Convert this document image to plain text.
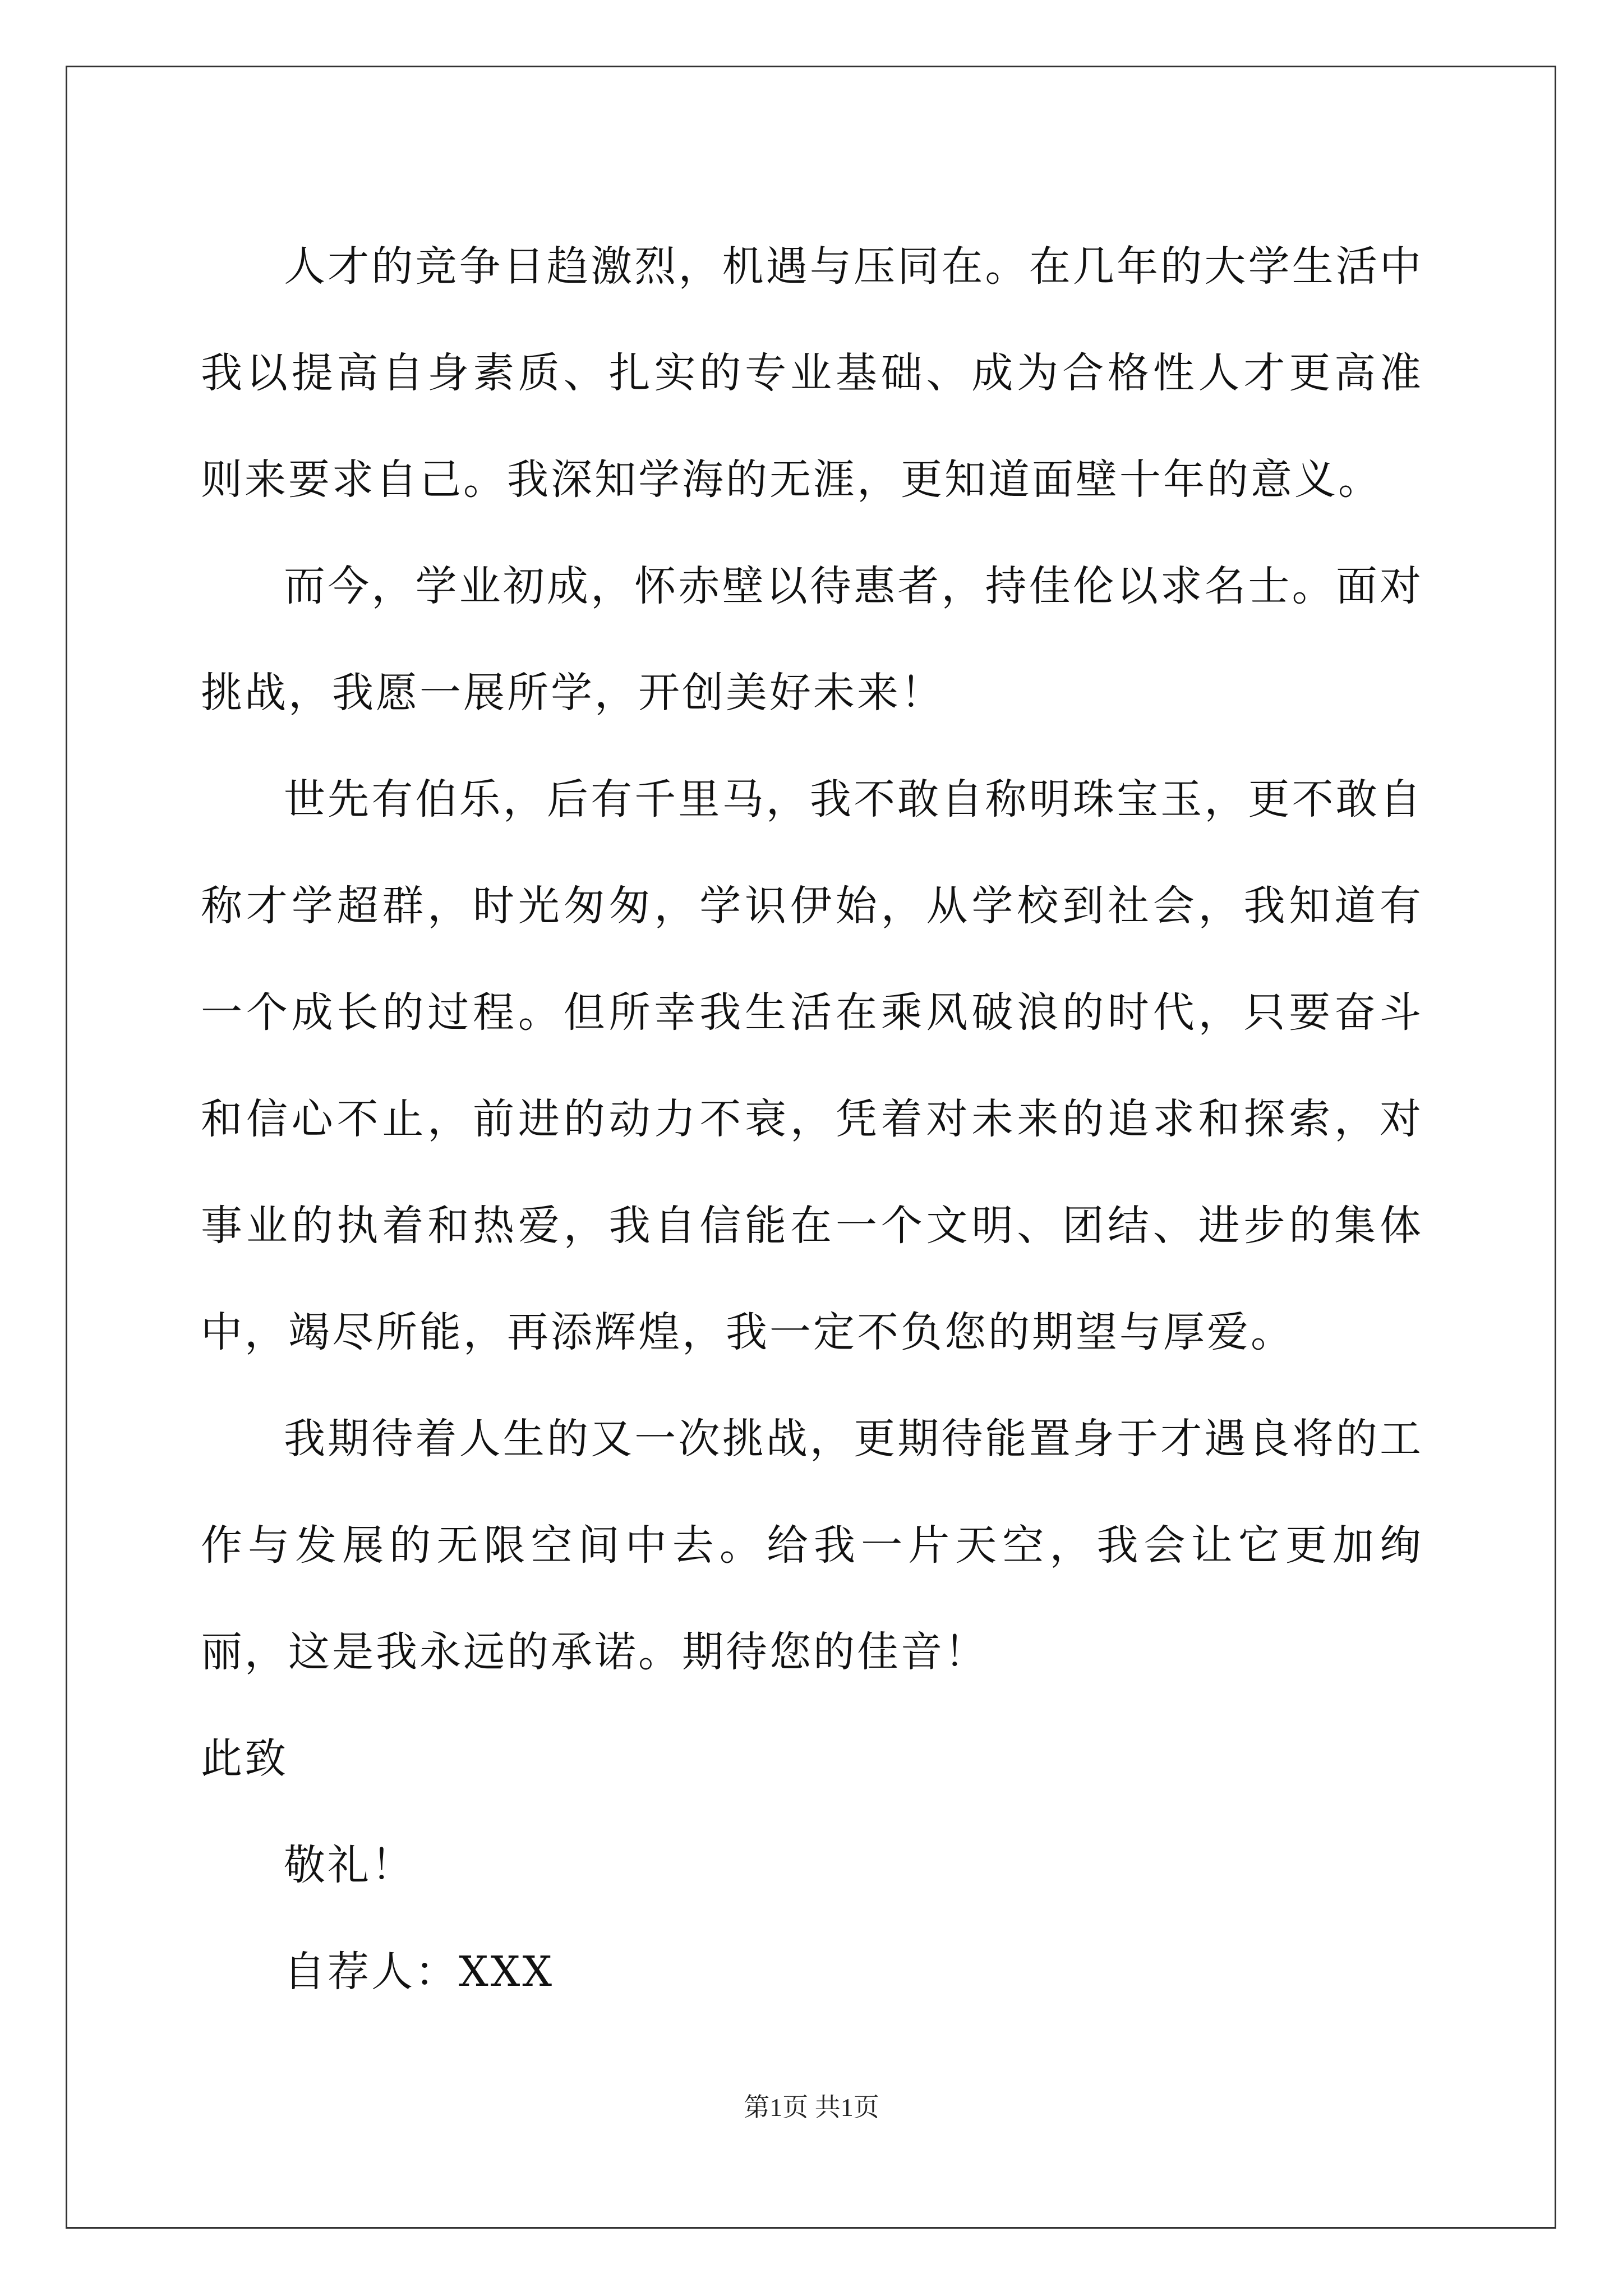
人才的竞争日趋激烈，机遇与压同在。在几年的大学生活中我以提高自身素质、扎实的专业基础、成为合格性人才更高准则来要求自己。我深知学海的无涯，更知道面壁十年的意义。

而今，学业初成，怀赤壁以待惠者，持佳伦以求名士。面对挑战，我愿一展所学，开创美好未来！

世先有伯乐，后有千里马，我不敢自称明珠宝玉，更不敢自称才学超群，时光匆匆，学识伊始，从学校到社会，我知道有一个成长的过程。但所幸我生活在乘风破浪的时代，只要奋斗和信心不止，前进的动力不衰，凭着对未来的追求和探索，对事业的执着和热爱，我自信能在一个文明、团结、进步的集体中，竭尽所能，再添辉煌，我一定不负您的期望与厚爱。

我期待着人生的又一次挑战，更期待能置身于才遇良将的工作与发展的无限空间中去。给我一片天空，我会让它更加绚丽，这是我永远的承诺。期待您的佳音！

此致

敬礼！

自荐人：XXX

第1页 共1页
